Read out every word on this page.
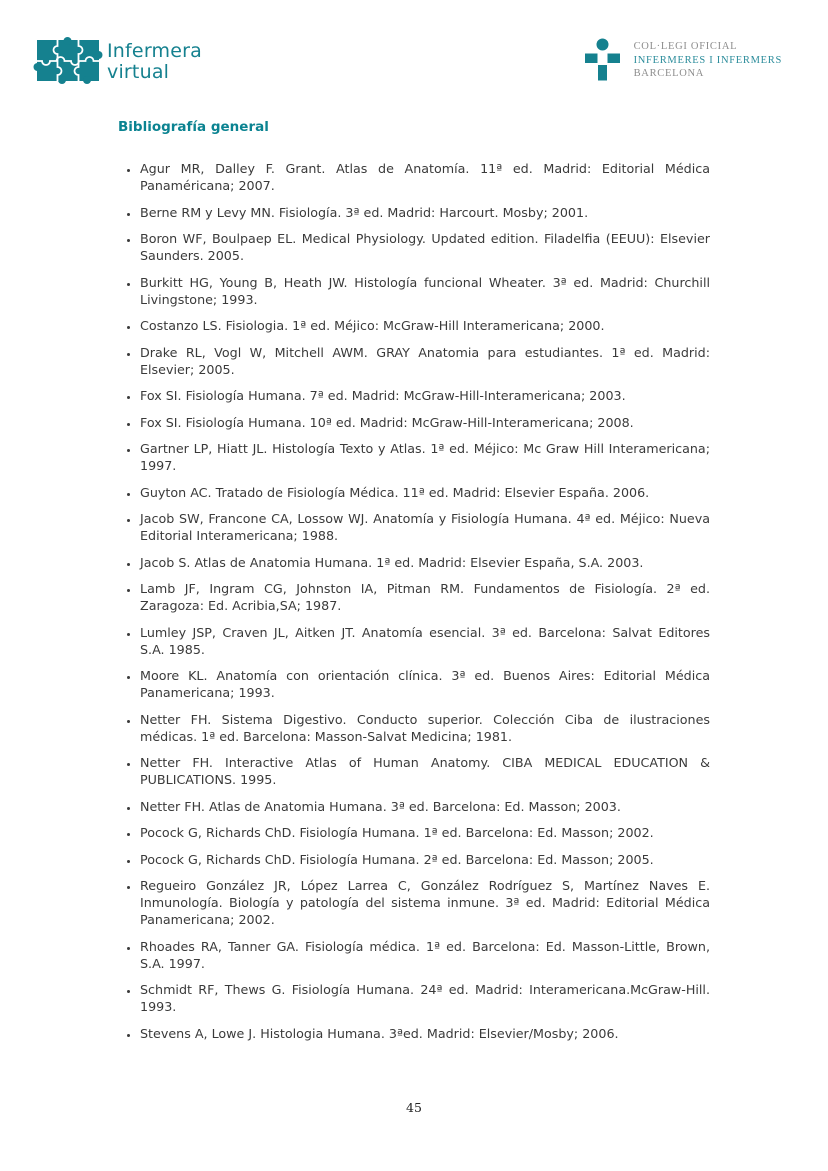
Infermera
virtual
COL·LEGI OFICIAL
INFERMERES I INFERMERS
BARCELONA
Bibliografía general
• Agur MR, Dalley F. Grant. Atlas de Anatomía. 11ª ed. Madrid: Editorial Médica Panaméricana; 2007.
• Berne RM y Levy MN. Fisiología. 3ª ed. Madrid: Harcourt. Mosby; 2001.
• Boron WF, Boulpaep EL. Medical Physiology. Updated edition. Filadelfia (EEUU): Elsevier Saunders. 2005.
• Burkitt HG, Young B, Heath JW. Histología funcional Wheater. 3ª ed. Madrid: Churchill Livingstone; 1993.
• Costanzo LS. Fisiologia. 1ª ed. Méjico: McGraw-Hill Interamericana; 2000.
• Drake RL, Vogl W, Mitchell AWM. GRAY Anatomia para estudiantes. 1ª ed. Madrid: Elsevier; 2005.
• Fox SI. Fisiología Humana. 7ª ed. Madrid: McGraw-Hill-Interamericana; 2003.
• Fox SI. Fisiología Humana. 10ª ed. Madrid: McGraw-Hill-Interamericana; 2008.
• Gartner LP, Hiatt JL. Histología Texto y Atlas. 1ª ed. Méjico: Mc Graw Hill Interamericana; 1997.
• Guyton AC. Tratado de Fisiología Médica. 11ª ed. Madrid: Elsevier España. 2006.
• Jacob SW, Francone CA, Lossow WJ. Anatomía y Fisiología Humana. 4ª ed. Méjico: Nueva Editorial Interamericana; 1988.
• Jacob S. Atlas de Anatomia Humana. 1ª ed. Madrid: Elsevier España, S.A. 2003.
• Lamb JF, Ingram CG, Johnston IA, Pitman RM. Fundamentos de Fisiología. 2ª ed. Zaragoza: Ed. Acribia,SA; 1987.
• Lumley JSP, Craven JL, Aitken JT. Anatomía esencial. 3ª ed. Barcelona: Salvat Editores S.A. 1985.
• Moore KL. Anatomía con orientación clínica. 3ª ed. Buenos Aires: Editorial Médica Panamericana; 1993.
• Netter FH. Sistema Digestivo. Conducto superior. Colección Ciba de ilustraciones médicas. 1ª ed. Barcelona: Masson-Salvat Medicina; 1981.
• Netter FH. Interactive Atlas of Human Anatomy. CIBA MEDICAL EDUCATION & PUBLICATIONS. 1995.
• Netter FH. Atlas de Anatomia Humana. 3ª ed. Barcelona: Ed. Masson; 2003.
• Pocock G, Richards ChD. Fisiología Humana. 1ª ed. Barcelona: Ed. Masson; 2002.
• Pocock G, Richards ChD. Fisiología Humana. 2ª ed. Barcelona: Ed. Masson; 2005.
• Regueiro González JR, López Larrea C, González Rodríguez S, Martínez Naves E. Inmunología. Biología y patología del sistema inmune. 3ª ed. Madrid: Editorial Médica Panamericana; 2002.
• Rhoades RA, Tanner GA. Fisiología médica. 1ª ed. Barcelona: Ed. Masson-Little, Brown, S.A. 1997.
• Schmidt RF, Thews G. Fisiología Humana. 24ª ed. Madrid: Interamericana.McGraw-Hill. 1993.
• Stevens A, Lowe J. Histologia Humana. 3ªed. Madrid: Elsevier/Mosby; 2006.
45
